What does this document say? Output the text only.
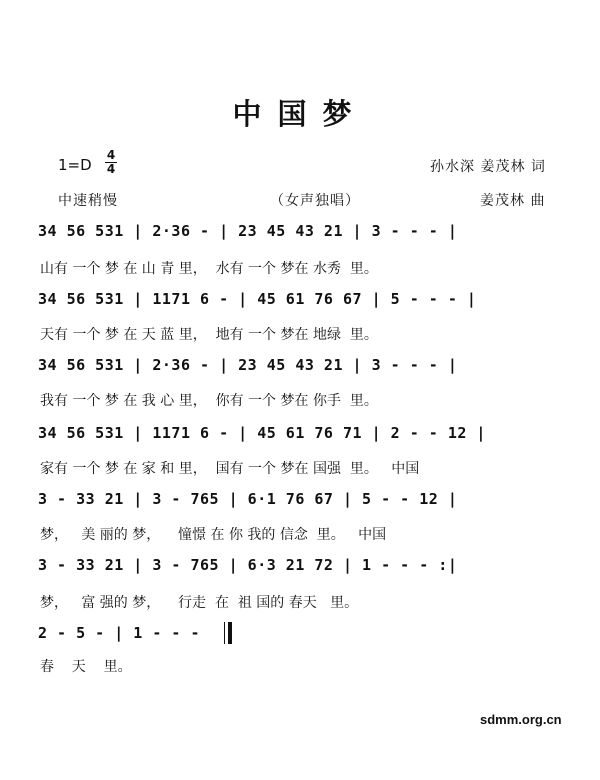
中国梦
1=D
4
4	孙水深 姜茂林 词
中速稍慢	（女声独唱）	姜茂林 曲
34 56 531 | 2·36 - | 23 45 43 21 | 3 - - - |
山有 一个 梦 在 山 青 里，  水有 一个 梦在 水秀  里。
34 56 531 | 1171 6 - | 45 61 76 67 | 5 - - - |
天有 一个 梦 在 天 蓝 里，  地有 一个 梦在 地绿  里。
34 56 531 | 2·36 - | 23 45 43 21 | 3 - - - |
我有 一个 梦 在 我 心 里，  你有 一个 梦在 你手  里。
34 56 531 | 1171 6 - | 45 61 76 71 | 2 - - 12 |
家有 一个 梦 在 家 和 里，  国有 一个 梦在 国强  里。   中国
3 - 33 21 | 3 - 765 | 6·1 76 67 | 5 - - 12 |
梦，   美 丽的 梦，    憧憬 在 你 我的 信念  里。   中国
3 - 33 21 | 3 - 765 | 6·3 21 72 | 1 - - - :|
梦，   富 强的 梦，    行走  在  祖 国的 春天   里。
2 - 5 - | 1 - - -
春    天    里。
sdmm.org.cn
